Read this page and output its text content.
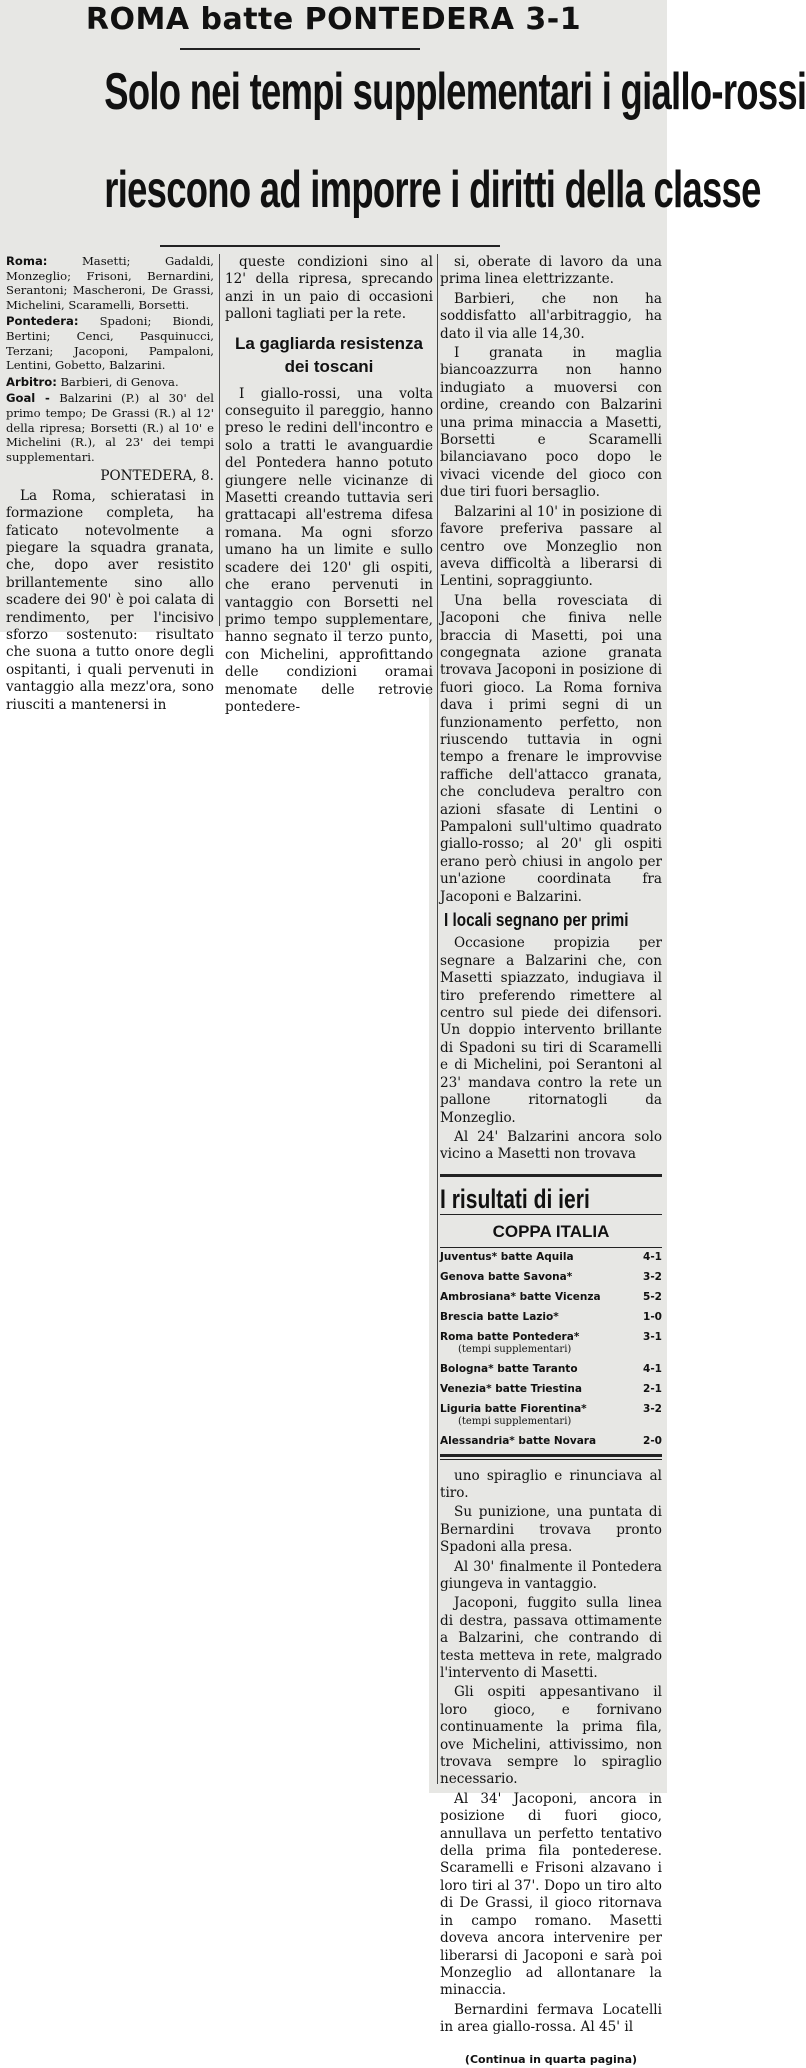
ROMA batte PONTEDERA 3-1
Solo nei tempi supplementari i giallo-rossi
riescono ad imporre i diritti della classe

Roma:	Masetti; Gadaldi, Monzeglio; Frisoni, Bernardini, Serantoni; Mascheroni, De Grassi, Michelini, Scaramelli, Borsetti.

Pontedera: Spadoni; Biondi, Bertini; Cenci, Pasquinucci, Terzani; Jacoponi, Pampaloni, Lentini, Gobetto, Balzarini.

Arbitro: Barbieri, di Genova.

Goal - Balzarini (P.) al 30' del primo tempo; De Grassi (R.) al 12' della ripresa; Borsetti (R.) al 10' e Michelini (R.), al 23' dei tempi supplementari.

PONTEDERA, 8.

La Roma, schieratasi in formazione completa, ha faticato notevolmente a piegare la squadra granata, che, dopo aver resistito brillantemente sino allo scadere dei 90' è poi calata di rendimento, per l'incisivo sforzo sostenuto: risultato che suona a tutto onore degli ospitanti, i quali pervenuti in vantaggio alla mezz'ora, sono riusciti a mantenersi in

queste condizioni sino al 12' della ripresa, sprecando anzi in un paio di occasioni palloni tagliati per la rete.

La gagliarda resistenza dei toscani

I giallo-rossi, una volta conseguito il pareggio, hanno preso le redini dell'incontro e solo a tratti le avanguardie del Pontedera hanno potuto giungere nelle vicinanze di Masetti creando tuttavia seri grattacapi all'estrema difesa romana. Ma ogni sforzo umano ha un limite e sullo scadere dei 120' gli ospiti, che erano pervenuti in vantaggio con Borsetti nel primo tempo supplementare, hanno segnato il terzo punto, con Michelini, approfittando delle condizioni oramai menomate delle retrovie pontedere-

si, oberate di lavoro da una prima linea elettrizzante.

Barbieri, che non ha soddisfatto all'arbitraggio, ha dato il via alle 14,30.

I granata in maglia biancoazzurra non hanno indugiato a muoversi con ordine, creando con Balzarini una prima minaccia a Masetti, Borsetti e Scaramelli bilanciavano poco dopo le vivaci vicende del gioco con due tiri fuori bersaglio.

Balzarini al 10' in posizione di favore preferiva passare al centro ove Monzeglio non aveva difficoltà a liberarsi di Lentini, sopraggiunto.

Una bella rovesciata di Jacoponi che finiva nelle braccia di Masetti, poi una congegnata azione granata trovava Jacoponi in posizione di fuori gioco. La Roma forniva dava i primi segni di un funzionamento perfetto, non riuscendo tuttavia in ogni tempo a frenare le improvvise raffiche dell'attacco granata, che concludeva peraltro con azioni sfasate di Lentini o Pampaloni sull'ultimo quadrato giallo-rosso; al 20' gli ospiti erano però chiusi in angolo per un'azione coordinata fra Jacoponi e Balzarini.

I locali segnano per primi

Occasione propizia per segnare a Balzarini che, con Masetti spiazzato, indugiava il tiro preferendo rimettere al centro sul piede dei difensori. Un doppio intervento brillante di Spadoni su tiri di Scaramelli e di Michelini, poi Serantoni al 23' mandava contro la rete un pallone ritornatogli da Monzeglio.

Al 24' Balzarini ancora solo vicino a Masetti non trovava

I risultati di ieri
COPPA ITALIA
Juventus* batte Aquila	4-1
Genova batte Savona*	3-2
Ambrosiana* batte Vicenza	5-2
Brescia batte Lazio*	1-0
Roma batte Pontedera*	3-1
(tempi supplementari)
Bologna* batte Taranto	4-1
Venezia* batte Triestina	2-1
Liguria batte Fiorentina*	3-2
(tempi supplementari)
Alessandria* batte Novara	2-0

uno spiraglio e rinunciava al tiro.

Su punizione, una puntata di Bernardini trovava pronto Spadoni alla presa.

Al 30' finalmente il Pontedera giungeva in vantaggio.

Jacoponi, fuggito sulla linea di destra, passava ottimamente a Balzarini, che contrando di testa metteva in rete, malgrado l'intervento di Masetti.

Gli ospiti appesantivano il loro gioco, e fornivano continuamente la prima fila, ove Michelini, attivissimo, non trovava sempre lo spiraglio necessario.

Al 34' Jacoponi, ancora in posizione di fuori gioco, annullava un perfetto tentativo della prima fila pontederese. Scaramelli e Frisoni alzavano i loro tiri al 37'. Dopo un tiro alto di De Grassi, il gioco ritornava in campo romano. Masetti doveva ancora intervenire per liberarsi di Jacoponi e sarà poi Monzeglio ad allontanare la minaccia.

Bernardini fermava Locatelli in area giallo-rossa. Al 45' il

(Continua in quarta pagina)
